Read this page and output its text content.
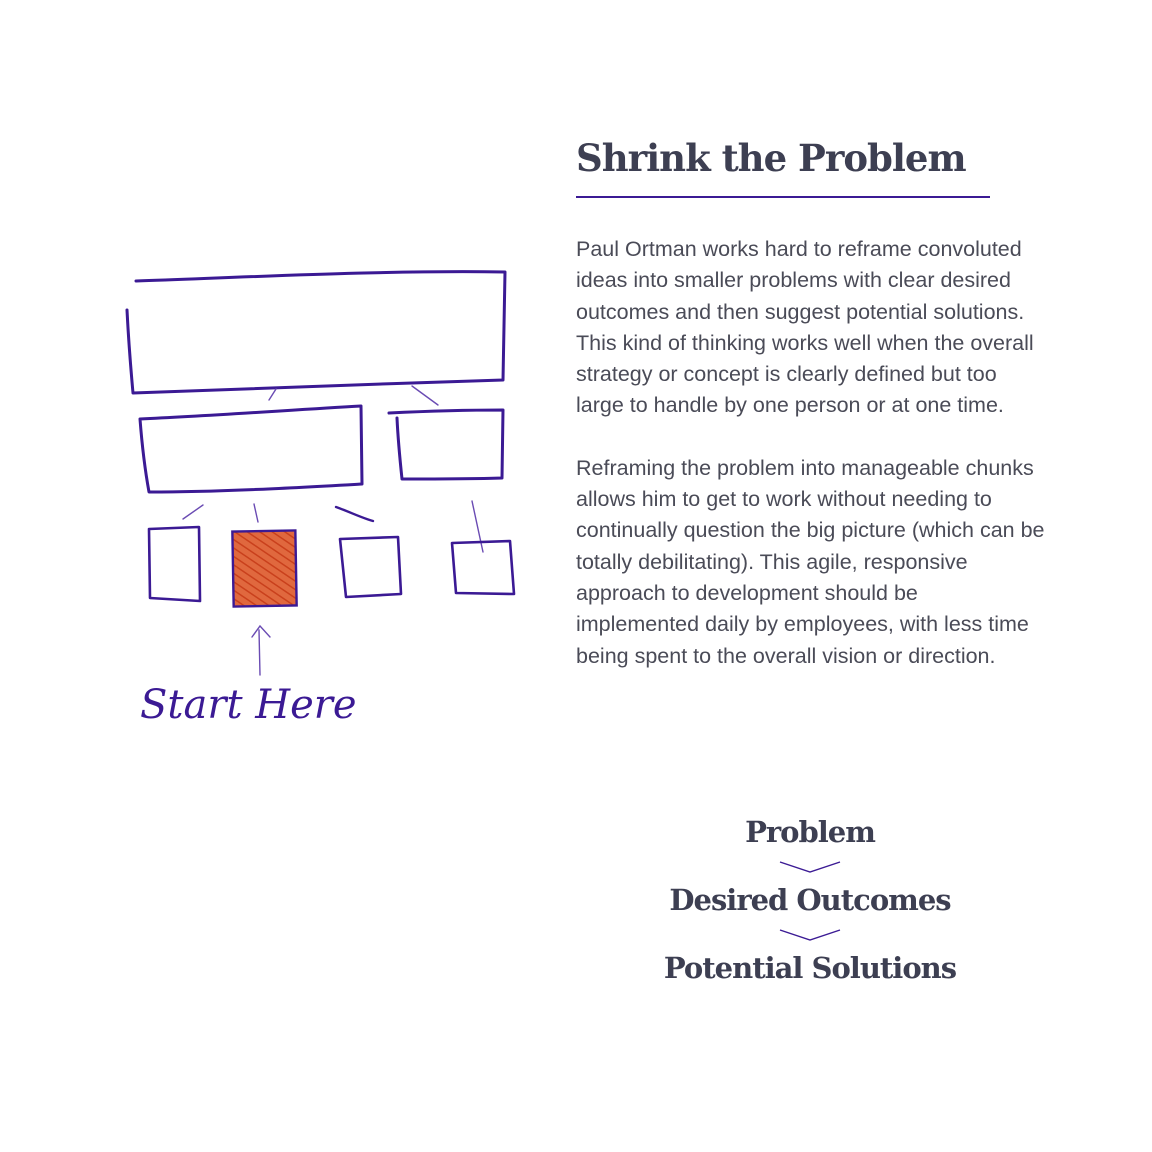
Start Here
Shrink the Problem

Paul Ortman works hard to reframe convoluted ideas into smaller problems with clear desired outcomes and then suggest potential solutions. This kind of thinking works well when the overall strategy or concept is clearly defined but too large to handle by one person or at one time.

Reframing the problem into manageable chunks allows him to get to work without needing to continually question the big picture (which can be totally debilitating). This agile, responsive approach to development should be implemented daily by employees, with less time being spent to the overall vision or direction.

Problem
Desired Outcomes
Potential Solutions
